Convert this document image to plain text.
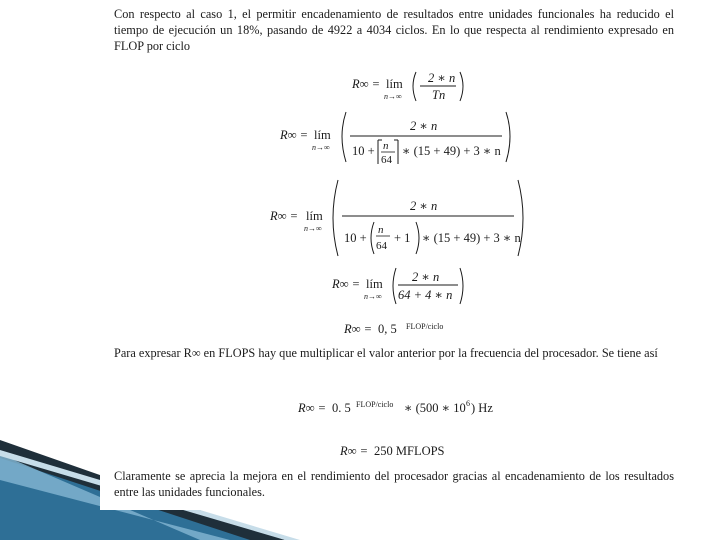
Con respecto al caso 1, el permitir encadenamiento de resultados entre unidades funcionales ha reducido el tiempo de ejecución un 18%, pasando de 4922 a 4034 ciclos. En lo que respecta al rendimiento expresado en FLOP por ciclo
R∞ = lím
n→∞
2 ∗ n
Tn
R∞ = lím
n→∞
2 ∗ n
10 + n
64
∗ (15 + 49) + 3 ∗ n
R∞ = lím
n→∞
2 ∗ n
10 +
n
64
+ 1 ∗ (15 + 49) + 3 ∗ n
R∞ = lím
n→∞
2 ∗ n
64 + 4 ∗ n
R∞ = 0, 5 FLOP/ciclo
Para expresar R∞ en FLOPS hay que multiplicar el valor anterior por la frecuencia del procesador. Se tiene así
R∞ = 0. 5 FLOP/ciclo ∗ (500 ∗ 10 6 ) Hz
R∞ = 250 MFLOPS
Claramente se aprecia la mejora en el rendimiento del procesador gracias al encadenamiento de los resultados entre las unidades funcionales.
